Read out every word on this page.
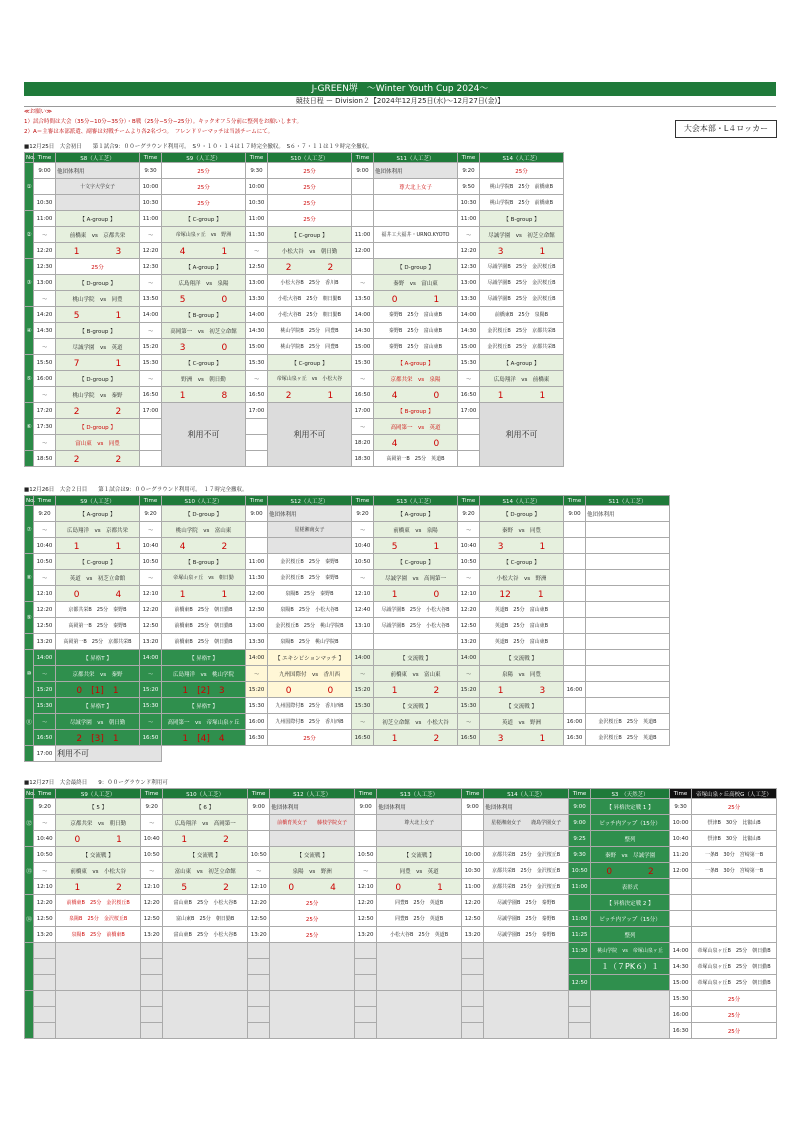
J-GREEN堺　～Winter Youth Cup 2024～
競技日程 ー Division２【2024年12月25日(水)～12月27日(金)】
≪お願い≫
1）試合時間は大会（35分−10分−35分）・B戦（25分−5分−25分）。キックオフ５分前に整列をお願いします。
2）A＝主審は本部派遣、副審は対戦チームより各2名づつ。　フレンドリーマッチは当該チームにて。	大会本部・L４ロッカー
■12月25日　大会初日　　第１試合9：００ーグラウンド利用可。　S９・１０・１４は１７時完全撤収。　S６・７・１１は１９時完全撤収。
No.	Time	S8（人工芝）	Time	S9（人工芝）	Time	S10（人工芝）	Time	S11（人工芝）	Time	S14（人工芝）
①	9:00	他団体利用	9:30	25分	9:30	25分	9:00	他団体利用	9:20	25分
		十文字大学女子	10:00	25分	10:00	25分		尊大北上女子	9:50	桃山学院B　25分　前橋東B
	10:30		10:30	25分	10:30	25分			10:30	桃山学院B　25分　前橋東B
②	11:00	【 A-group 】	11:00	【 C-group 】	11:00	25分			11:00	【 B-group 】
	～	前橋東　vs　京都共栄	～	帝塚山泉ヶ丘　vs　野洲	11:30	【 C-group 】	11:00	福井工大福井・URNO.KYOTO	～	尽誠学園　vs　初芝立命館
	12:20	1　　　　3	12:20	4　　　　1	～	小松大谷　vs　朝日勤	12:00		12:20	3　　　　1
③	12:30	25分	12:30	【 A-group 】	12:50	2　　　　2		【 D-group 】	12:30	尽誠学園B　25分　金沢桜丘B
	13:00	【 D-group 】	～	広島翔洋　vs　泉陽	13:00	小松大谷B　25分　香川B	～	秦野　vs　富山東	13:00	尽誠学園B　25分　金沢桜丘B
	～	桃山学院　vs　同豊	13:50	5　　　　0	13:30	小松大谷B　25分　朝日勤B	13:50	0　　　　1	13:30	尽誠学園B　25分　金沢桜丘B
④	14:20	5　　　　1	14:00	【 B-group 】	14:00	小松大谷B　25分　朝日勤B	14:00	秦野B　25分　富山東B	14:00	前橋東B　25分　泉陽B
	14:30	【 B-group 】	～	高岡第一　vs　初芝立命館	14:30	桃山学院B　25分　同豊B	14:30	秦野B　25分　富山東B	14:30	金沢桜丘B　25分　京都共栄B
	～	尽誠学園　vs　英道	15:20	3　　　　0	15:00	桃山学院B　25分　同豊B	15:00	秦野B　25分　富山東B	15:00	金沢桜丘B　25分　京都共栄B
⑤	15:50	7　　　　1	15:30	【 C-group 】	15:30	【 C-group 】	15:30	【 A-group 】	15:30	【 A-group 】
	16:00	【 D-group 】	～	野洲　vs　朝日勤	～	帝塚山泉ヶ丘　vs　小松大谷	～	京都共栄　vs　泉陽	～	広島翔洋　vs　前橋東
	～	桃山学院　vs　秦野	16:50	1　　　　8	16:50	2　　　　1	16:50	4　　　　0	16:50	1　　　　1
⑥	17:20	2　　　　2	17:00	利用不可	17:00	利用不可	17:00	【 B-group 】	17:00	利用不可
	17:30	【 D-group 】					～	高岡第一　vs　英道		
	～	富山東　vs　同豊					18:20	4　　　　0		
	18:50	2　　　　2					18:30	高岡第一B　25分　英道B		
■12月26日　大会２日目　　第１試合は9：００ーグラウンド利用可。　１７時完全撤収。
No.	Time	S9（人工芝）	Time	S10（人工芝）	Time	S12（人工芝）	Time	S13（人工芝）	Time	S14（人工芝）	Time	S11（人工芝）
⑦	9:20	【 A-group 】	9:20	【 D-group 】	9:00	他団体利用	9:20	【 A-group 】	9:20	【 D-group 】	9:00	他団体利用
	～	広島翔洋　vs　京都共栄	～	桃山学院　vs　富山東		星槎湘南女子	～	前橋東　vs　泉陽	～	秦野　vs　同豊		
	10:40	1　　　　1	10:40	4　　　　2			10:40	5　　　　1	10:40	3　　　　1		
⑧	10:50	【 C-group 】	10:50	【 B-group 】	11:00	金沢桜丘B　25分　秦野B	10:50	【 C-group 】	10:50	【 C-group 】		
	～	英道　vs　初芝立命館	～	帝塚山泉ヶ丘　vs　朝日勤	11:30	金沢桜丘B　25分　秦野B	～	尽誠学園　vs　高岡第一	～	小松大谷　vs　野洲		
	12:10	0　　　　4	12:10	1　　　　1	12:00	泉陽B　25分　秦野B	12:10	1　　　　0	12:10	12　　　1		
⑨	12:20	京都共栄B　25分　秦野B	12:20	前橋東B　25分　朝日勤B	12:30	泉陽B　25分　小松大谷B	12:40	尽誠学園B　25分　小松大谷B	12:20	英道B　25分　富山東B		
	12:50	高岡第一B　25分　秦野B	12:50	前橋東B　25分　朝日勤B	13:00	金沢桜丘B　25分　桃山学院B	13:10	尽誠学園B　25分　小松大谷B	12:50	英道B　25分　富山東B		
	13:20	高岡第一B　25分　京都共栄B	13:20	前橋東B　25分　朝日勤B	13:30	泉陽B　25分　桃山学院B			13:20	英道B　25分　富山東B		
⑩	14:00	【 昇格T 】	14:00	【 昇格T 】	14:00	【 エキシビションマッチ 】	14:00	【 交流戦 】	14:00	【 交流戦 】		
	～	京都共栄　vs　秦野	～	広島翔洋　vs　桃山学院	～	九州国際付　vs　香川西	～	前橋東　vs　富山東	～	泉陽　vs　同豊		
	15:20	0　[1]　1	15:20	1　[2]　3	15:20	0　　　　0	15:20	1　　　　2	15:20	1　　　　3	16:00	
⑪	15:30	【 昇格T 】	15:30	【 昇格T 】	15:30	九州国際付B　25分　香川西B	15:30	【 交流戦 】	15:30	【 交流戦 】		
	～	尽誠学園　vs　朝日勤	～	高岡第一　vs　帝塚山泉ヶ丘	16:00	九州国際付B　25分　香川西B	～	初芝立命館　vs　小松大谷	～	英道　vs　野洲	16:00	金沢桜丘B　25分　英道B
	16:50	2　[3]　1	16:50	1　[4]　4	16:30	25分	16:50	1　　　　2	16:50	3　　　　1	16:30	金沢桜丘B　25分　英道B
	17:00	利用不可										
■12月27日　大会最終日　　9：００ーグラウンド利用可
No.	Time	S9（人工芝）	Time	S10（人工芝）	Time	S12（人工芝）	Time	S13（人工芝）	Time	S14（人工芝）	Time	S3　（天然芝）	Time	帝塚山泉ヶ丘高校G（人工芝）
⑫	9:20	【 5 】	9:20	【 6 】	9:00	他団体利用	9:00	他団体利用	9:00	他団体利用	9:00	【 昇格決定戦 1 】	9:30	25分
	～	京都共栄　vs　朝日勤	～	広島翔洋　vs　高岡第一		前橋育英女子　　藤枝学院女子		尊大北上女子		星槎湘南女子　　鹿島学園女子	9:00	ピッチ内アップ（15分）	10:00	摂津B　30分　比叡山B
	10:40	0　　　　1	10:40	1　　　　2							9:25	整列	10:40	摂津B　30分　比叡山B
⑬	10:50	【 交流戦 】	10:50	【 交流戦 】	10:50	【 交流戦 】	10:50	【 交流戦 】	10:00	京都共栄B　25分　金沢桜丘B	9:30	秦野　vs　尽誠学園	11:20	一条B　30分　宮崎第一B
	～	前橋東　vs　小松大谷	～	富山東　vs　初芝立命館	～	泉陽　vs　野洲	～	同豊　vs　英道	10:30	京都共栄B　25分　金沢桜丘B	10:50	0　　　　2	12:00	一条B　30分　宮崎第一B
	12:10	1　　　　2	12:10	5　　　　2	12:10	0　　　　4	12:10	0　　　　1	11:00	京都共栄B　25分　金沢桜丘B	11:00	表彰式		
⑭	12:20	前橋東B　25分　金沢桜丘B	12:20	富山東B　25分　小松大谷B	12:20	25分	12:20	同豊B　25分　英道B	12:20	尽誠学園B　25分　秦野B		【 昇格決定戦 2 】		
	12:50	泉陽B　25分　金沢桜丘B	12:50	富山東B　25分　朝日勤B	12:50	25分	12:50	同豊B　25分　英道B	12:50	尽誠学園B　25分　秦野B	11:00	ピッチ内アップ（15分）		
	13:20	泉陽B　25分　前橋東B	13:20	富山東B　25分　小松大谷B	13:20	25分	13:20	小松大谷B　25分　英道B	13:20	尽誠学園B　25分　秦野B	11:25	整列		
											11:30	桃山学院　vs　帝塚山泉ヶ丘	14:00	帝塚山泉ヶ丘B　25分　朝日勤B
												１（７PK６）１	14:30	帝塚山泉ヶ丘B　25分　朝日勤B
											12:50		15:00	帝塚山泉ヶ丘B　25分　朝日勤B
													15:30	25分
													16:00	25分
													16:30	25分
